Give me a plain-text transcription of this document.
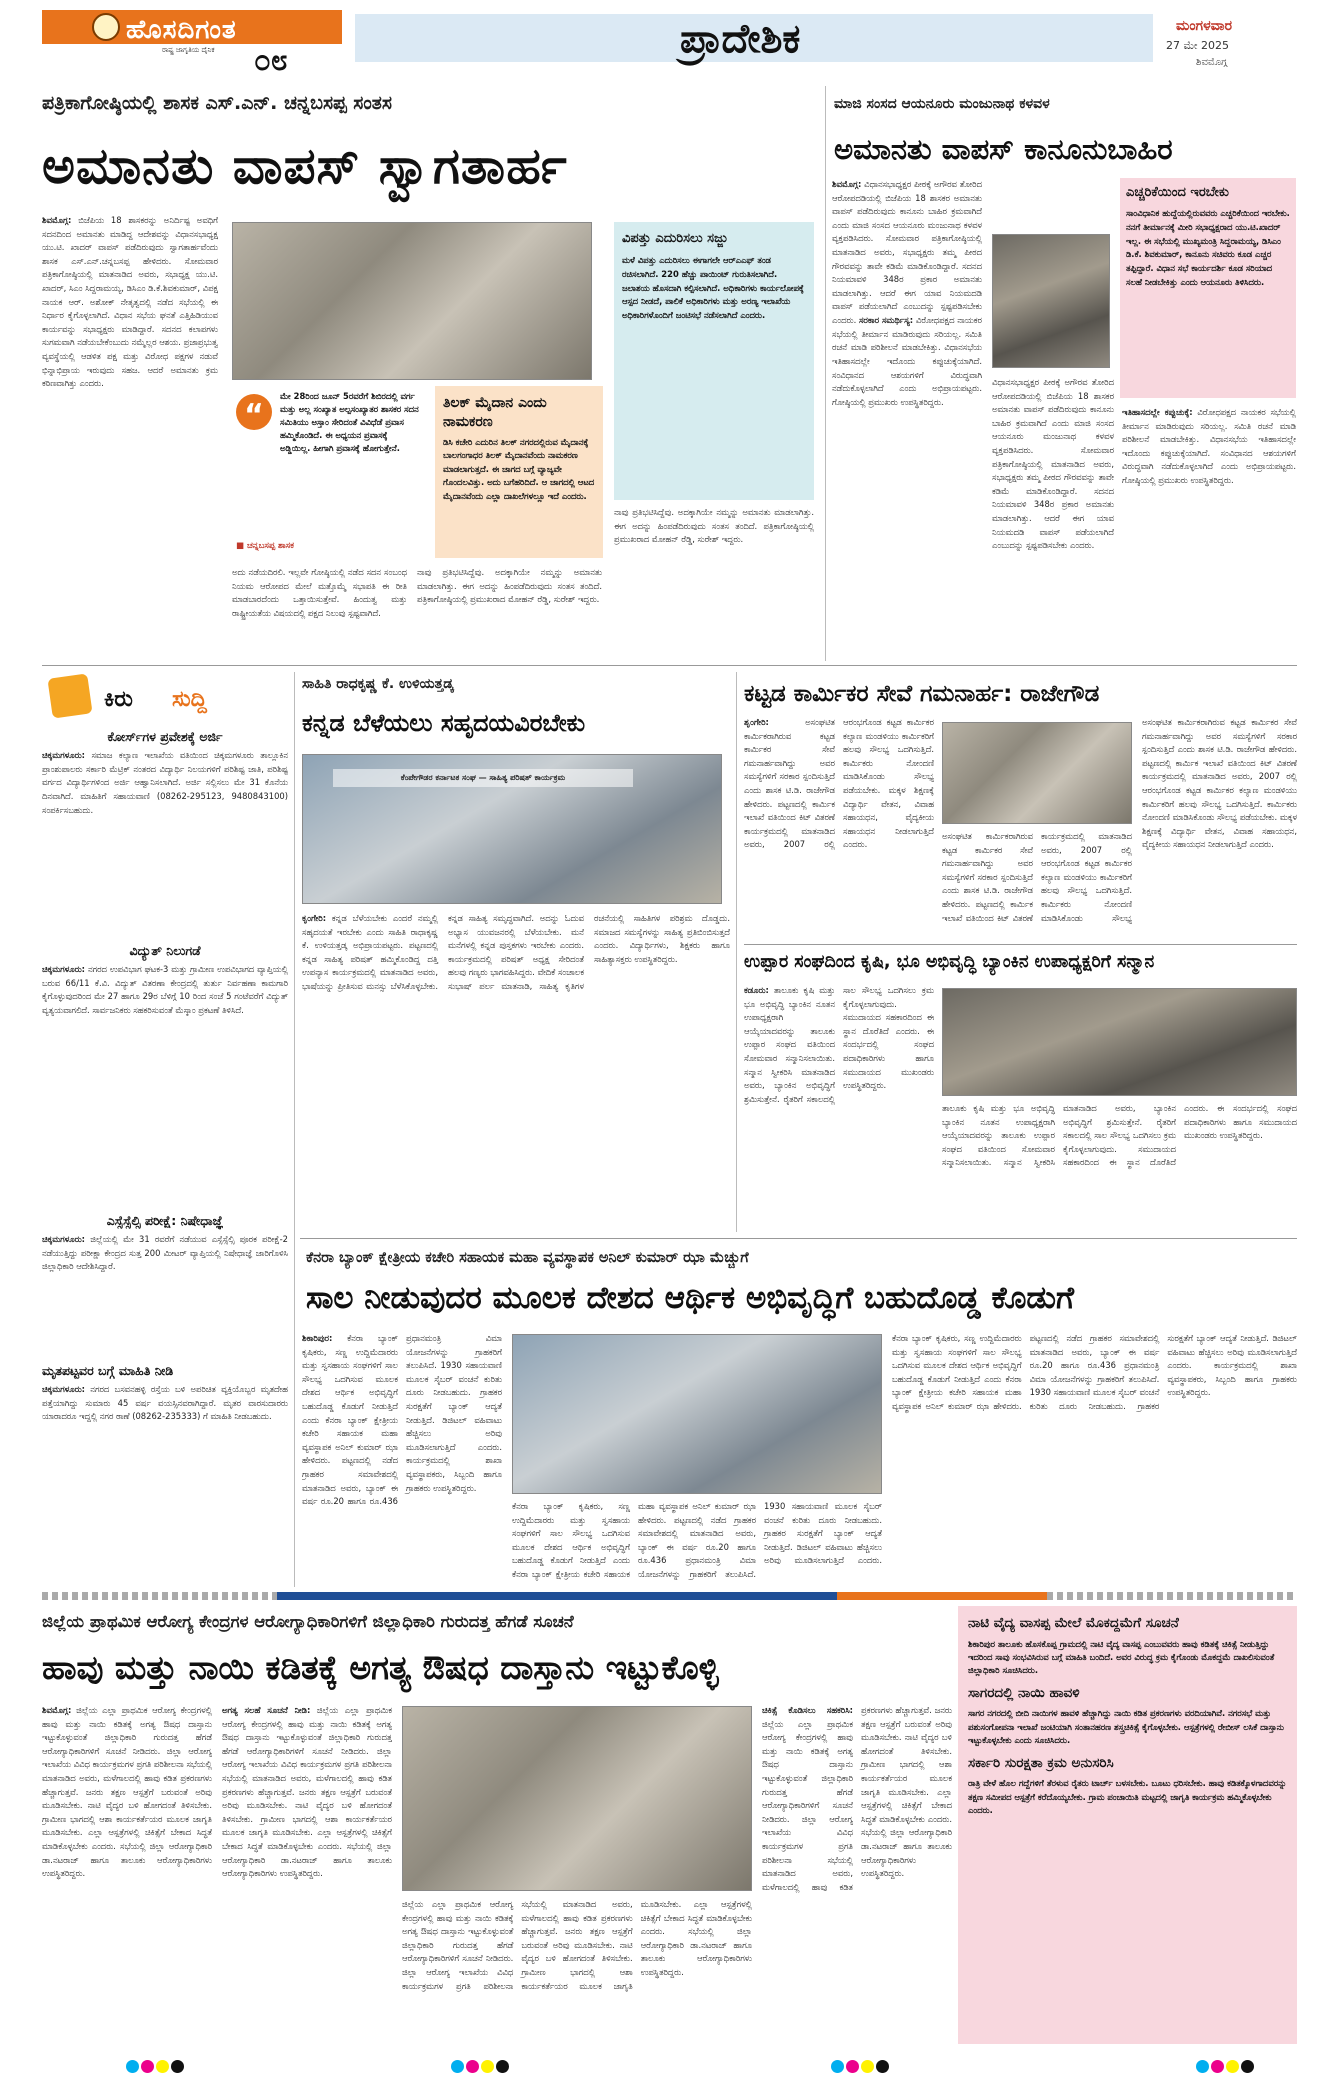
ಹೊಸದಿಗಂತ
ರಾಷ್ಟ್ರ ಜಾಗೃತಿಯ ದೈನಿಕ ೦೮	ಪ್ರಾದೇಶಿಕ	ಮಂಗಳವಾರ
27 ಮೇ 2025
ಶಿವಮೊಗ್ಗ
ಪತ್ರಿಕಾಗೋಷ್ಠಿಯಲ್ಲಿ ಶಾಸಕ ಎಸ್.ಎನ್. ಚನ್ನಬಸಪ್ಪ ಸಂತಸ
ಅಮಾನತು ವಾಪಸ್ ಸ್ವಾಗತಾರ್ಹ
ಶಿವಮೊಗ್ಗ: ಬಿಜೆಪಿಯ 18 ಶಾಸಕರನ್ನು ಅನಿರ್ದಿಷ್ಟ ಅವಧಿಗೆ ಸದನದಿಂದ ಅಮಾನತು ಮಾಡಿದ್ದ ಆದೇಶವನ್ನು ವಿಧಾನಸಭಾಧ್ಯಕ್ಷ ಯು.ಟಿ. ಖಾದರ್ ವಾಪಸ್ ಪಡೆದಿರುವುದು ಸ್ವಾಗತಾರ್ಹವೆಂದು ಶಾಸಕ ಎಸ್.ಎನ್.ಚನ್ನಬಸಪ್ಪ ಹೇಳಿದರು. ಸೋಮವಾರ ಪತ್ರಿಕಾಗೋಷ್ಠಿಯಲ್ಲಿ ಮಾತನಾಡಿದ ಅವರು, ಸಭಾಧ್ಯಕ್ಷ ಯು.ಟಿ. ಖಾದರ್, ಸಿಎಂ ಸಿದ್ದರಾಮಯ್ಯ, ಡಿಸಿಎಂ ಡಿ.ಕೆ.ಶಿವಕುಮಾರ್, ವಿಪಕ್ಷ ನಾಯಕ ಆರ್. ಅಶೋಕ್ ನೇತೃತ್ವದಲ್ಲಿ ನಡೆದ ಸಭೆಯಲ್ಲಿ ಈ ನಿರ್ಧಾರ ಕೈಗೊಳ್ಳಲಾಗಿದೆ. ವಿಧಾನ ಸಭೆಯ ಘನತೆ ಎತ್ತಿಹಿಡಿಯುವ ಕಾರ್ಯವನ್ನು ಸಭಾಧ್ಯಕ್ಷರು ಮಾಡಿದ್ದಾರೆ. ಸದನದ ಕಲಾಪಗಳು ಸುಗಮವಾಗಿ ನಡೆಯಬೇಕೆಂಬುದು ನಮ್ಮೆಲ್ಲರ ಆಶಯ. ಪ್ರಜಾಪ್ರಭುತ್ವ ವ್ಯವಸ್ಥೆಯಲ್ಲಿ ಆಡಳಿತ ಪಕ್ಷ ಮತ್ತು ವಿರೋಧ ಪಕ್ಷಗಳ ನಡುವೆ ಭಿನ್ನಾಭಿಪ್ರಾಯ ಇರುವುದು ಸಹಜ. ಆದರೆ ಅಮಾನತು ಕ್ರಮ ಕಠಿಣವಾಗಿತ್ತು ಎಂದರು.
“
ಮೇ 28ರಿಂದ ಜೂನ್ 5ರವರೆಗೆ ಶಿಬಿರದಲ್ಲಿ ವರ್ಗ ಮತ್ತು ಅಲ್ಲ ಸಂಖ್ಯಾತ ಅಲ್ಪಸಂಖ್ಯಾತರ ಶಾಸಕರ ಸದನ ಸಮಿತಿಯು ಅಸ್ತಾಂ ಸೇರಿದಂತೆ ವಿವಿಧೆಡೆ ಪ್ರವಾಸ ಹಮ್ಮಿಕೊಂಡಿದೆ. ಈ ಅಧ್ಯಯನ ಪ್ರವಾಸಕ್ಕೆ ಅಡ್ಡಿಯಿಲ್ಲ. ಹೀಗಾಗಿ ಪ್ರವಾಸಕ್ಕೆ ಹೋಗುತ್ತೇನೆ.
■ ಚನ್ನಬಸಪ್ಪ ಶಾಸಕ
ತಿಲಕ್ ಮೈದಾನ ಎಂದು ನಾಮಕರಣ
ಡಿಸಿ ಕಚೇರಿ ಎದುರಿನ ತಿಲಕ್ ನಗರದಲ್ಲಿರುವ ಮೈದಾನಕ್ಕೆ ಬಾಲಗಂಗಾಧರ ತಿಲಕ್ ಮೈದಾನವೆಂದು ನಾಮಕರಣ ಮಾಡಲಾಗುತ್ತದೆ. ಈ ಜಾಗದ ಬಗ್ಗೆ ವ್ಯಾಜ್ಯವೇ ಗೊಂದಲವಿತ್ತು. ಅದು ಬಗೆಹರಿದಿದೆ. ಆ ಜಾಗದಲ್ಲಿ ಆಟದ ಮೈದಾನವೆಂದು ಎಲ್ಲಾ ದಾಖಲೆಗಳಲ್ಲೂ ಇದೆ ಎಂದರು.
ಅದು ನಡೆಯದಿರಲಿ. ಇಲ್ಲವೇ ಗೋಷ್ಠಿಯಲ್ಲಿ ನಡೆದ ಸದನ ಸಂಬಂಧ ನಿಯಮ ಆರೋಪದ ಮೇಲೆ ಮತ್ತೊಮ್ಮೆ ಸಭಾಪತಿ ಈ ರೀತಿ ಮಾಡಬಾರದೆಂದು ಒತ್ತಾಯಿಸುತ್ತೇವೆ. ಹಿಂದುತ್ವ ಮತ್ತು ರಾಷ್ಟ್ರೀಯತೆಯ ವಿಷಯದಲ್ಲಿ ಪಕ್ಷದ ನಿಲುವು ಸ್ಪಷ್ಟವಾಗಿದೆ.
ನಾವು ಪ್ರತಿಭಟಿಸಿದ್ದೆವು. ಅದಕ್ಕಾಗಿಯೇ ನಮ್ಮನ್ನು ಅಮಾನತು ಮಾಡಲಾಗಿತ್ತು. ಈಗ ಅದನ್ನು ಹಿಂಪಡೆದಿರುವುದು ಸಂತಸ ತಂದಿದೆ. ಪತ್ರಿಕಾಗೋಷ್ಠಿಯಲ್ಲಿ ಪ್ರಮುಖರಾದ ಮೋಹನ್ ರೆಡ್ಡಿ, ಸುರೇಶ್ ಇದ್ದರು.
ವಿಪತ್ತು ಎದುರಿಸಲು ಸಜ್ಜು
ಮಳೆ ವಿಪತ್ತು ಎದುರಿಸಲು ಈಗಾಗಲೇ ಆರ್‌ಎಎಫ್ ತಂಡ ರಚಿಸಲಾಗಿದೆ. 220 ಹೆಚ್ಚು ಪಾಯಿಂಟ್ ಗುರುತಿಸಲಾಗಿದೆ. ಜಲಾಶಯ ಹೊಸದಾಗಿ ಕಲ್ಪಿಸಲಾಗಿದೆ. ಅಧಿಕಾರಿಗಳು ಕಾರ್ಯಲೋಪಕ್ಕೆ ಆಸ್ಪದ ನೀಡದೆ, ಪಾಲಿಕೆ ಅಧಿಕಾರಿಗಳು ಮತ್ತು ಅರಣ್ಯ ಇಲಾಖೆಯ ಅಧಿಕಾರಿಗಳೊಂದಿಗೆ ಜಂಟಿಸಭೆ ನಡೆಸಲಾಗಿದೆ ಎಂದರು.
ನಾವು ಪ್ರತಿಭಟಿಸಿದ್ದೆವು. ಅದಕ್ಕಾಗಿಯೇ ನಮ್ಮನ್ನು ಅಮಾನತು ಮಾಡಲಾಗಿತ್ತು. ಈಗ ಅದನ್ನು ಹಿಂಪಡೆದಿರುವುದು ಸಂತಸ ತಂದಿದೆ. ಪತ್ರಿಕಾಗೋಷ್ಠಿಯಲ್ಲಿ ಪ್ರಮುಖರಾದ ಮೋಹನ್ ರೆಡ್ಡಿ, ಸುರೇಶ್ ಇದ್ದರು.
ಮಾಜಿ ಸಂಸದ ಆಯನೂರು ಮಂಜುನಾಥ ಕಳವಳ
ಅಮಾನತು ವಾಪಸ್ ಕಾನೂನುಬಾಹಿರ
ಶಿವಮೊಗ್ಗ: ವಿಧಾನಸಭಾಧ್ಯಕ್ಷರ ಪೀಠಕ್ಕೆ ಅಗೌರವ ತೋರಿದ ಆರೋಪದಡಿಯಲ್ಲಿ ಬಿಜೆಪಿಯ 18 ಶಾಸಕರ ಅಮಾನತು ವಾಪಸ್ ಪಡೆದಿರುವುದು ಕಾನೂನು ಬಾಹಿರ ಕ್ರಮವಾಗಿದೆ ಎಂದು ಮಾಜಿ ಸಂಸದ ಆಯನೂರು ಮಂಜುನಾಥ ಕಳವಳ ವ್ಯಕ್ತಪಡಿಸಿದರು. ಸೋಮವಾರ ಪತ್ರಿಕಾಗೋಷ್ಠಿಯಲ್ಲಿ ಮಾತನಾಡಿದ ಅವರು, ಸಭಾಧ್ಯಕ್ಷರು ತಮ್ಮ ಪೀಠದ ಗೌರವವನ್ನು ತಾವೇ ಕಡಿಮೆ ಮಾಡಿಕೊಂಡಿದ್ದಾರೆ. ಸದನದ ನಿಯಮಾವಳಿ 348ರ ಪ್ರಕಾರ ಅಮಾನತು ಮಾಡಲಾಗಿತ್ತು. ಆದರೆ ಈಗ ಯಾವ ನಿಯಮದಡಿ ವಾಪಸ್ ಪಡೆಯಲಾಗಿದೆ ಎಂಬುದನ್ನು ಸ್ಪಷ್ಟಪಡಿಸಬೇಕು ಎಂದರು. ಸರಕಾರ ಸಮರ್ಥಿಸ್ಯ: ವಿರೋಧಪಕ್ಷದ ನಾಯಕರ ಸಭೆಯಲ್ಲಿ ತೀರ್ಮಾನ ಮಾಡಿರುವುದು ಸರಿಯಲ್ಲ. ಸಮಿತಿ ರಚನೆ ಮಾಡಿ ಪರಿಶೀಲನೆ ಮಾಡಬೇಕಿತ್ತು. ವಿಧಾನಸಭೆಯ ಇತಿಹಾಸದಲ್ಲೇ ಇದೊಂದು ಕಪ್ಪುಚುಕ್ಕೆಯಾಗಿದೆ. ಸಂವಿಧಾನದ ಆಶಯಗಳಿಗೆ ವಿರುದ್ಧವಾಗಿ ನಡೆದುಕೊಳ್ಳಲಾಗಿದೆ ಎಂದು ಅಭಿಪ್ರಾಯಪಟ್ಟರು. ಗೋಷ್ಠಿಯಲ್ಲಿ ಪ್ರಮುಖರು ಉಪಸ್ಥಿತರಿದ್ದರು.
ಎಚ್ಚರಿಕೆಯಿಂದ ಇರಬೇಕು
ಸಾಂವಿಧಾನಿಕ ಹುದ್ದೆಯಲ್ಲಿರುವವರು ಎಚ್ಚರಿಕೆಯಿಂದ ಇರಬೇಕು. ನನಗೆ ತೀರ್ಮಾನಕ್ಕೆ ಮೀರಿ ಸಭಾಧ್ಯಕ್ಷರಾದ ಯು.ಟಿ.ಖಾದರ್ ಇಲ್ಲ. ಈ ಸಭೆಯಲ್ಲಿ ಮುಖ್ಯಮಂತ್ರಿ ಸಿದ್ದರಾಮಯ್ಯ, ಡಿಸಿಎಂ ಡಿ.ಕೆ. ಶಿವಕುಮಾರ್, ಕಾನೂನು ಸಚಿವರು ಕೂಡ ಎಚ್ಚರ ತಪ್ಪಿದ್ದಾರೆ. ವಿಧಾನ ಸಭೆ ಕಾರ್ಯದರ್ಶಿ ಕೂಡ ಸರಿಯಾದ ಸಲಹೆ ನೀಡಬೇಕಿತ್ತು ಎಂದು ಆಯನೂರು ತಿಳಿಸಿದರು.
ವಿಧಾನಸಭಾಧ್ಯಕ್ಷರ ಪೀಠಕ್ಕೆ ಅಗೌರವ ತೋರಿದ ಆರೋಪದಡಿಯಲ್ಲಿ ಬಿಜೆಪಿಯ 18 ಶಾಸಕರ ಅಮಾನತು ವಾಪಸ್ ಪಡೆದಿರುವುದು ಕಾನೂನು ಬಾಹಿರ ಕ್ರಮವಾಗಿದೆ ಎಂದು ಮಾಜಿ ಸಂಸದ ಆಯನೂರು ಮಂಜುನಾಥ ಕಳವಳ ವ್ಯಕ್ತಪಡಿಸಿದರು. ಸೋಮವಾರ ಪತ್ರಿಕಾಗೋಷ್ಠಿಯಲ್ಲಿ ಮಾತನಾಡಿದ ಅವರು, ಸಭಾಧ್ಯಕ್ಷರು ತಮ್ಮ ಪೀಠದ ಗೌರವವನ್ನು ತಾವೇ ಕಡಿಮೆ ಮಾಡಿಕೊಂಡಿದ್ದಾರೆ. ಸದನದ ನಿಯಮಾವಳಿ 348ರ ಪ್ರಕಾರ ಅಮಾನತು ಮಾಡಲಾಗಿತ್ತು. ಆದರೆ ಈಗ ಯಾವ ನಿಯಮದಡಿ ವಾಪಸ್ ಪಡೆಯಲಾಗಿದೆ ಎಂಬುದನ್ನು ಸ್ಪಷ್ಟಪಡಿಸಬೇಕು ಎಂದರು.
ಇತಿಹಾಸದಲ್ಲೇ ಕಪ್ಪುಚುಕ್ಕೆ: ವಿರೋಧಪಕ್ಷದ ನಾಯಕರ ಸಭೆಯಲ್ಲಿ ತೀರ್ಮಾನ ಮಾಡಿರುವುದು ಸರಿಯಲ್ಲ. ಸಮಿತಿ ರಚನೆ ಮಾಡಿ ಪರಿಶೀಲನೆ ಮಾಡಬೇಕಿತ್ತು. ವಿಧಾನಸಭೆಯ ಇತಿಹಾಸದಲ್ಲೇ ಇದೊಂದು ಕಪ್ಪುಚುಕ್ಕೆಯಾಗಿದೆ. ಸಂವಿಧಾನದ ಆಶಯಗಳಿಗೆ ವಿರುದ್ಧವಾಗಿ ನಡೆದುಕೊಳ್ಳಲಾಗಿದೆ ಎಂದು ಅಭಿಪ್ರಾಯಪಟ್ಟರು. ಗೋಷ್ಠಿಯಲ್ಲಿ ಪ್ರಮುಖರು ಉಪಸ್ಥಿತರಿದ್ದರು.
ಕಿರು ಸುದ್ದಿ
ಕೋರ್ಸ್‌ಗಳ ಪ್ರವೇಶಕ್ಕೆ ಅರ್ಜಿ
ಚಿಕ್ಕಮಗಳೂರು: ಸಮಾಜ ಕಲ್ಯಾಣ ಇಲಾಖೆಯ ವತಿಯಿಂದ ಚಿಕ್ಕಮಗಳೂರು ತಾಲ್ಲೂಕಿನ ಪ್ರಾಂಶುಪಾಲರು ಸರ್ಕಾರಿ ಮೆಟ್ರಿಕ್ ನಂತರದ ವಿದ್ಯಾರ್ಥಿ ನಿಲಯಗಳಿಗೆ ಪರಿಶಿಷ್ಟ ಜಾತಿ, ಪರಿಶಿಷ್ಟ ವರ್ಗದ ವಿದ್ಯಾರ್ಥಿಗಳಿಂದ ಅರ್ಜಿ ಆಹ್ವಾನಿಸಲಾಗಿದೆ. ಅರ್ಜಿ ಸಲ್ಲಿಸಲು ಮೇ 31 ಕೊನೆಯ ದಿನವಾಗಿದೆ. ಮಾಹಿತಿಗೆ ಸಹಾಯವಾಣಿ (08262-295123, 9480843100) ಸಂಪರ್ಕಿಸಬಹುದು.
ವಿದ್ಯುತ್ ನಿಲುಗಡೆ
ಚಿಕ್ಕಮಗಳೂರು: ನಗರದ ಉಪವಿಭಾಗ ಘಟಕ-3 ಮತ್ತು ಗ್ರಾಮೀಣ ಉಪವಿಭಾಗದ ವ್ಯಾಪ್ತಿಯಲ್ಲಿ ಬರುವ 66/11 ಕೆ.ವಿ. ವಿದ್ಯುತ್ ವಿತರಣಾ ಕೇಂದ್ರದಲ್ಲಿ ತುರ್ತು ನಿರ್ವಹಣಾ ಕಾಮಗಾರಿ ಕೈಗೊಳ್ಳುವುದರಿಂದ ಮೇ 27 ಹಾಗೂ 29ರ ಬೆಳಿಗ್ಗೆ 10 ರಿಂದ ಸಂಜೆ 5 ಗಂಟೆವರೆಗೆ ವಿದ್ಯುತ್ ವ್ಯತ್ಯಯವಾಗಲಿದೆ. ಸಾರ್ವಜನಿಕರು ಸಹಕರಿಸುವಂತೆ ಮೆಸ್ಕಾಂ ಪ್ರಕಟಣೆ ತಿಳಿಸಿದೆ.
ಎಸ್ಸೆಸ್ಸೆಲ್ಸಿ ಪರೀಕ್ಷೆ: ನಿಷೇಧಾಜ್ಞೆ
ಚಿಕ್ಕಮಗಳೂರು: ಜಿಲ್ಲೆಯಲ್ಲಿ ಮೇ 31 ರವರೆಗೆ ನಡೆಯುವ ಎಸ್ಸೆಸ್ಸೆಲ್ಸಿ ಪೂರಕ ಪರೀಕ್ಷೆ-2 ನಡೆಯುತ್ತಿದ್ದು ಪರೀಕ್ಷಾ ಕೇಂದ್ರದ ಸುತ್ತ 200 ಮೀಟರ್ ವ್ಯಾಪ್ತಿಯಲ್ಲಿ ನಿಷೇಧಾಜ್ಞೆ ಜಾರಿಗೊಳಿಸಿ ಜಿಲ್ಲಾಧಿಕಾರಿ ಆದೇಶಿಸಿದ್ದಾರೆ.
ಮೃತಪಟ್ಟವರ ಬಗ್ಗೆ ಮಾಹಿತಿ ನೀಡಿ
ಚಿಕ್ಕಮಗಳೂರು: ನಗರದ ಬಸವನಹಳ್ಳಿ ರಸ್ತೆಯ ಬಳಿ ಅಪರಿಚಿತ ವ್ಯಕ್ತಿಯೊಬ್ಬರ ಮೃತದೇಹ ಪತ್ತೆಯಾಗಿದ್ದು ಸುಮಾರು 45 ವರ್ಷ ವಯಸ್ಸಿನವರಾಗಿದ್ದಾರೆ. ಮೃತರ ವಾರಸುದಾರರು ಯಾರಾದರೂ ಇದ್ದಲ್ಲಿ ನಗರ ಠಾಣೆ (08262-235333) ಗೆ ಮಾಹಿತಿ ನೀಡಬಹುದು.
ಸಾಹಿತಿ ರಾಧಕೃಷ್ಣ ಕೆ. ಉಳಿಯತ್ತಡ್ಕ
ಕನ್ನಡ ಬೆಳೆಯಲು ಸಹೃದಯವಿರಬೇಕು
ಕೆಂಪೇಗೌಡರ ಕರ್ನಾಟಕ ಸಂಘ — ಸಾಹಿತ್ಯ ಪರಿಷತ್ ಕಾರ್ಯಕ್ರಮ
ಕೃಂಗೇರಿ: ಕನ್ನಡ ಬೆಳೆಯಬೇಕು ಎಂದರೆ ನಮ್ಮಲ್ಲಿ ಸಹೃದಯತೆ ಇರಬೇಕು ಎಂದು ಸಾಹಿತಿ ರಾಧಾಕೃಷ್ಣ ಕೆ. ಉಳಿಯತ್ತಡ್ಕ ಅಭಿಪ್ರಾಯಪಟ್ಟರು. ಪಟ್ಟಣದಲ್ಲಿ ಕನ್ನಡ ಸಾಹಿತ್ಯ ಪರಿಷತ್ ಹಮ್ಮಿಕೊಂಡಿದ್ದ ದತ್ತಿ ಉಪನ್ಯಾಸ ಕಾರ್ಯಕ್ರಮದಲ್ಲಿ ಮಾತನಾಡಿದ ಅವರು, ಭಾಷೆಯನ್ನು ಪ್ರೀತಿಸುವ ಮನಸ್ಸು ಬೆಳೆಸಿಕೊಳ್ಳಬೇಕು. ಕನ್ನಡ ಸಾಹಿತ್ಯ ಸಮೃದ್ಧವಾಗಿದೆ. ಅದನ್ನು ಓದುವ ಅಭ್ಯಾಸ ಯುವಜನರಲ್ಲಿ ಬೆಳೆಯಬೇಕು. ಮನೆ ಮನೆಗಳಲ್ಲಿ ಕನ್ನಡ ಪುಸ್ತಕಗಳು ಇರಬೇಕು ಎಂದರು. ಕಾರ್ಯಕ್ರಮದಲ್ಲಿ ಪರಿಷತ್ ಅಧ್ಯಕ್ಷ ಸೇರಿದಂತೆ ಹಲವು ಗಣ್ಯರು ಭಾಗವಹಿಸಿದ್ದರು. ವೇದಿಕೆ ಸಂಚಾಲಕ ಸುಭಾಷ್ ಪರ್ಲ ಮಾತನಾಡಿ, ಸಾಹಿತ್ಯ ಕೃತಿಗಳ ರಚನೆಯಲ್ಲಿ ಸಾಹಿತಿಗಳ ಪರಿಶ್ರಮ ದೊಡ್ಡದು. ಸಮಾಜದ ಸಮಸ್ಯೆಗಳನ್ನು ಸಾಹಿತ್ಯ ಪ್ರತಿಬಿಂಬಿಸುತ್ತದೆ ಎಂದರು. ವಿದ್ಯಾರ್ಥಿಗಳು, ಶಿಕ್ಷಕರು ಹಾಗೂ ಸಾಹಿತ್ಯಾಸಕ್ತರು ಉಪಸ್ಥಿತರಿದ್ದರು.
ಕಟ್ಟಡ ಕಾರ್ಮಿಕರ ಸೇವೆ ಗಮನಾರ್ಹ: ರಾಜೇಗೌಡ
ಶೃಂಗೇರಿ:	ಅಸಂಘಟಿತ ಕಾರ್ಮಿಕರಾಗಿರುವ ಕಟ್ಟಡ ಕಾರ್ಮಿಕರ ಸೇವೆ ಗಮನಾರ್ಹವಾಗಿದ್ದು ಅವರ ಸಮಸ್ಯೆಗಳಿಗೆ ಸರಕಾರ ಸ್ಪಂದಿಸುತ್ತಿದೆ ಎಂದು ಶಾಸಕ ಟಿ.ಡಿ. ರಾಜೇಗೌಡ ಹೇಳಿದರು. ಪಟ್ಟಣದಲ್ಲಿ ಕಾರ್ಮಿಕ ಇಲಾಖೆ ವತಿಯಿಂದ ಕಿಟ್ ವಿತರಣೆ ಕಾರ್ಯಕ್ರಮದಲ್ಲಿ ಮಾತನಾಡಿದ ಅವರು, 2007 ರಲ್ಲಿ ಆರಂಭಗೊಂಡ ಕಟ್ಟಡ ಕಾರ್ಮಿಕರ ಕಲ್ಯಾಣ ಮಂಡಳಿಯು ಕಾರ್ಮಿಕರಿಗೆ ಹಲವು ಸೌಲಭ್ಯ ಒದಗಿಸುತ್ತಿದೆ. ಕಾರ್ಮಿಕರು ನೋಂದಣಿ ಮಾಡಿಸಿಕೊಂಡು ಸೌಲಭ್ಯ ಪಡೆಯಬೇಕು. ಮಕ್ಕಳ ಶಿಕ್ಷಣಕ್ಕೆ ವಿದ್ಯಾರ್ಥಿ ವೇತನ, ವಿವಾಹ ಸಹಾಯಧನ, ವೈದ್ಯಕೀಯ ಸಹಾಯಧನ ನೀಡಲಾಗುತ್ತಿದೆ ಎಂದರು.
ಅಸಂಘಟಿತ ಕಾರ್ಮಿಕರಾಗಿರುವ ಕಟ್ಟಡ ಕಾರ್ಮಿಕರ ಸೇವೆ ಗಮನಾರ್ಹವಾಗಿದ್ದು ಅವರ ಸಮಸ್ಯೆಗಳಿಗೆ ಸರಕಾರ ಸ್ಪಂದಿಸುತ್ತಿದೆ ಎಂದು ಶಾಸಕ ಟಿ.ಡಿ. ರಾಜೇಗೌಡ ಹೇಳಿದರು. ಪಟ್ಟಣದಲ್ಲಿ ಕಾರ್ಮಿಕ ಇಲಾಖೆ ವತಿಯಿಂದ ಕಿಟ್ ವಿತರಣೆ ಕಾರ್ಯಕ್ರಮದಲ್ಲಿ ಮಾತನಾಡಿದ ಅವರು, 2007 ರಲ್ಲಿ ಆರಂಭಗೊಂಡ ಕಟ್ಟಡ ಕಾರ್ಮಿಕರ ಕಲ್ಯಾಣ ಮಂಡಳಿಯು ಕಾರ್ಮಿಕರಿಗೆ ಹಲವು ಸೌಲಭ್ಯ ಒದಗಿಸುತ್ತಿದೆ. ಕಾರ್ಮಿಕರು ನೋಂದಣಿ ಮಾಡಿಸಿಕೊಂಡು ಸೌಲಭ್ಯ
ಅಸಂಘಟಿತ ಕಾರ್ಮಿಕರಾಗಿರುವ ಕಟ್ಟಡ ಕಾರ್ಮಿಕರ ಸೇವೆ ಗಮನಾರ್ಹವಾಗಿದ್ದು ಅವರ ಸಮಸ್ಯೆಗಳಿಗೆ ಸರಕಾರ ಸ್ಪಂದಿಸುತ್ತಿದೆ ಎಂದು ಶಾಸಕ ಟಿ.ಡಿ. ರಾಜೇಗೌಡ ಹೇಳಿದರು. ಪಟ್ಟಣದಲ್ಲಿ ಕಾರ್ಮಿಕ ಇಲಾಖೆ ವತಿಯಿಂದ ಕಿಟ್ ವಿತರಣೆ ಕಾರ್ಯಕ್ರಮದಲ್ಲಿ ಮಾತನಾಡಿದ ಅವರು, 2007 ರಲ್ಲಿ ಆರಂಭಗೊಂಡ ಕಟ್ಟಡ ಕಾರ್ಮಿಕರ ಕಲ್ಯಾಣ ಮಂಡಳಿಯು ಕಾರ್ಮಿಕರಿಗೆ ಹಲವು ಸೌಲಭ್ಯ ಒದಗಿಸುತ್ತಿದೆ. ಕಾರ್ಮಿಕರು ನೋಂದಣಿ ಮಾಡಿಸಿಕೊಂಡು ಸೌಲಭ್ಯ ಪಡೆಯಬೇಕು. ಮಕ್ಕಳ ಶಿಕ್ಷಣಕ್ಕೆ ವಿದ್ಯಾರ್ಥಿ ವೇತನ, ವಿವಾಹ ಸಹಾಯಧನ, ವೈದ್ಯಕೀಯ ಸಹಾಯಧನ ನೀಡಲಾಗುತ್ತಿದೆ ಎಂದರು.
ಉಪ್ಪಾರ ಸಂಘದಿಂದ ಕೃಷಿ, ಭೂ ಅಭಿವೃದ್ಧಿ ಬ್ಯಾಂಕಿನ ಉಪಾಧ್ಯಕ್ಷರಿಗೆ ಸನ್ಮಾನ
ಕಡೂರು: ತಾಲೂಕು ಕೃಷಿ ಮತ್ತು ಭೂ ಅಭಿವೃದ್ಧಿ ಬ್ಯಾಂಕಿನ ನೂತನ ಉಪಾಧ್ಯಕ್ಷರಾಗಿ ಆಯ್ಕೆಯಾದವರನ್ನು ತಾಲೂಕು ಉಪ್ಪಾರ ಸಂಘದ ವತಿಯಿಂದ ಸೋಮವಾರ ಸನ್ಮಾನಿಸಲಾಯಿತು. ಸನ್ಮಾನ ಸ್ವೀಕರಿಸಿ ಮಾತನಾಡಿದ ಅವರು, ಬ್ಯಾಂಕಿನ ಅಭಿವೃದ್ಧಿಗೆ ಶ್ರಮಿಸುತ್ತೇನೆ. ರೈತರಿಗೆ ಸಕಾಲದಲ್ಲಿ ಸಾಲ ಸೌಲಭ್ಯ ಒದಗಿಸಲು ಕ್ರಮ ಕೈಗೊಳ್ಳಲಾಗುವುದು. ಸಮುದಾಯದ ಸಹಕಾರದಿಂದ ಈ ಸ್ಥಾನ ದೊರೆತಿದೆ ಎಂದರು. ಈ ಸಂದರ್ಭದಲ್ಲಿ ಸಂಘದ ಪದಾಧಿಕಾರಿಗಳು ಹಾಗೂ ಸಮುದಾಯದ ಮುಖಂಡರು ಉಪಸ್ಥಿತರಿದ್ದರು.
ತಾಲೂಕು ಕೃಷಿ ಮತ್ತು ಭೂ ಅಭಿವೃದ್ಧಿ ಬ್ಯಾಂಕಿನ ನೂತನ ಉಪಾಧ್ಯಕ್ಷರಾಗಿ ಆಯ್ಕೆಯಾದವರನ್ನು ತಾಲೂಕು ಉಪ್ಪಾರ ಸಂಘದ ವತಿಯಿಂದ ಸೋಮವಾರ ಸನ್ಮಾನಿಸಲಾಯಿತು. ಸನ್ಮಾನ ಸ್ವೀಕರಿಸಿ ಮಾತನಾಡಿದ ಅವರು, ಬ್ಯಾಂಕಿನ ಅಭಿವೃದ್ಧಿಗೆ ಶ್ರಮಿಸುತ್ತೇನೆ. ರೈತರಿಗೆ ಸಕಾಲದಲ್ಲಿ ಸಾಲ ಸೌಲಭ್ಯ ಒದಗಿಸಲು ಕ್ರಮ ಕೈಗೊಳ್ಳಲಾಗುವುದು. ಸಮುದಾಯದ ಸಹಕಾರದಿಂದ ಈ ಸ್ಥಾನ ದೊರೆತಿದೆ ಎಂದರು. ಈ ಸಂದರ್ಭದಲ್ಲಿ ಸಂಘದ ಪದಾಧಿಕಾರಿಗಳು ಹಾಗೂ ಸಮುದಾಯದ ಮುಖಂಡರು ಉಪಸ್ಥಿತರಿದ್ದರು.
ಕೆನರಾ ಬ್ಯಾಂಕ್ ಕ್ಷೇತ್ರೀಯ ಕಚೇರಿ ಸಹಾಯಕ ಮಹಾ ವ್ಯವಸ್ಥಾಪಕ ಅನಿಲ್ ಕುಮಾರ್ ಝಾ ಮೆಚ್ಚುಗೆ
ಸಾಲ ನೀಡುವುದರ ಮೂಲಕ ದೇಶದ ಆರ್ಥಿಕ ಅಭಿವೃದ್ಧಿಗೆ ಬಹುದೊಡ್ಡ ಕೊಡುಗೆ
ಶಿಕಾರಿಪುರ: ಕೆನರಾ ಬ್ಯಾಂಕ್ ಕೃಷಿಕರು, ಸಣ್ಣ ಉದ್ದಿಮೆದಾರರು ಮತ್ತು ಸ್ವಸಹಾಯ ಸಂಘಗಳಿಗೆ ಸಾಲ ಸೌಲಭ್ಯ ಒದಗಿಸುವ ಮೂಲಕ ದೇಶದ ಆರ್ಥಿಕ ಅಭಿವೃದ್ಧಿಗೆ ಬಹುದೊಡ್ಡ ಕೊಡುಗೆ ನೀಡುತ್ತಿದೆ ಎಂದು ಕೆನರಾ ಬ್ಯಾಂಕ್ ಕ್ಷೇತ್ರೀಯ ಕಚೇರಿ ಸಹಾಯಕ ಮಹಾ ವ್ಯವಸ್ಥಾಪಕ ಅನಿಲ್ ಕುಮಾರ್ ಝಾ ಹೇಳಿದರು. ಪಟ್ಟಣದಲ್ಲಿ ನಡೆದ ಗ್ರಾಹಕರ ಸಮಾವೇಶದಲ್ಲಿ ಮಾತನಾಡಿದ ಅವರು, ಬ್ಯಾಂಕ್ ಈ ವರ್ಷ ರೂ.20 ಹಾಗೂ ರೂ.436 ಪ್ರಧಾನಮಂತ್ರಿ ವಿಮಾ ಯೋಜನೆಗಳನ್ನು ಗ್ರಾಹಕರಿಗೆ ತಲುಪಿಸಿದೆ. 1930 ಸಹಾಯವಾಣಿ ಮೂಲಕ ಸೈಬರ್ ವಂಚನೆ ಕುರಿತು ದೂರು ನೀಡಬಹುದು. ಗ್ರಾಹಕರ ಸುರಕ್ಷತೆಗೆ ಬ್ಯಾಂಕ್ ಆದ್ಯತೆ ನೀಡುತ್ತಿದೆ. ಡಿಜಿಟಲ್ ವಹಿವಾಟು ಹೆಚ್ಚಿಸಲು ಅರಿವು ಮೂಡಿಸಲಾಗುತ್ತಿದೆ ಎಂದರು. ಕಾರ್ಯಕ್ರಮದಲ್ಲಿ ಶಾಖಾ ವ್ಯವಸ್ಥಾಪಕರು, ಸಿಬ್ಬಂದಿ ಹಾಗೂ ಗ್ರಾಹಕರು ಉಪಸ್ಥಿತರಿದ್ದರು.
ಕೆನರಾ ಬ್ಯಾಂಕ್ ಕೃಷಿಕರು, ಸಣ್ಣ ಉದ್ದಿಮೆದಾರರು ಮತ್ತು ಸ್ವಸಹಾಯ ಸಂಘಗಳಿಗೆ ಸಾಲ ಸೌಲಭ್ಯ ಒದಗಿಸುವ ಮೂಲಕ ದೇಶದ ಆರ್ಥಿಕ ಅಭಿವೃದ್ಧಿಗೆ ಬಹುದೊಡ್ಡ ಕೊಡುಗೆ ನೀಡುತ್ತಿದೆ ಎಂದು ಕೆನರಾ ಬ್ಯಾಂಕ್ ಕ್ಷೇತ್ರೀಯ ಕಚೇರಿ ಸಹಾಯಕ ಮಹಾ ವ್ಯವಸ್ಥಾಪಕ ಅನಿಲ್ ಕುಮಾರ್ ಝಾ ಹೇಳಿದರು. ಪಟ್ಟಣದಲ್ಲಿ ನಡೆದ ಗ್ರಾಹಕರ ಸಮಾವೇಶದಲ್ಲಿ ಮಾತನಾಡಿದ ಅವರು, ಬ್ಯಾಂಕ್ ಈ ವರ್ಷ ರೂ.20 ಹಾಗೂ ರೂ.436 ಪ್ರಧಾನಮಂತ್ರಿ ವಿಮಾ ಯೋಜನೆಗಳನ್ನು ಗ್ರಾಹಕರಿಗೆ ತಲುಪಿಸಿದೆ. 1930 ಸಹಾಯವಾಣಿ ಮೂಲಕ ಸೈಬರ್ ವಂಚನೆ ಕುರಿತು ದೂರು ನೀಡಬಹುದು. ಗ್ರಾಹಕರ ಸುರಕ್ಷತೆಗೆ ಬ್ಯಾಂಕ್ ಆದ್ಯತೆ ನೀಡುತ್ತಿದೆ. ಡಿಜಿಟಲ್ ವಹಿವಾಟು ಹೆಚ್ಚಿಸಲು ಅರಿವು ಮೂಡಿಸಲಾಗುತ್ತಿದೆ ಎಂದರು.
ಕೆನರಾ ಬ್ಯಾಂಕ್ ಕೃಷಿಕರು, ಸಣ್ಣ ಉದ್ದಿಮೆದಾರರು ಮತ್ತು ಸ್ವಸಹಾಯ ಸಂಘಗಳಿಗೆ ಸಾಲ ಸೌಲಭ್ಯ ಒದಗಿಸುವ ಮೂಲಕ ದೇಶದ ಆರ್ಥಿಕ ಅಭಿವೃದ್ಧಿಗೆ ಬಹುದೊಡ್ಡ ಕೊಡುಗೆ ನೀಡುತ್ತಿದೆ ಎಂದು ಕೆನರಾ ಬ್ಯಾಂಕ್ ಕ್ಷೇತ್ರೀಯ ಕಚೇರಿ ಸಹಾಯಕ ಮಹಾ ವ್ಯವಸ್ಥಾಪಕ ಅನಿಲ್ ಕುಮಾರ್ ಝಾ ಹೇಳಿದರು. ಪಟ್ಟಣದಲ್ಲಿ ನಡೆದ ಗ್ರಾಹಕರ ಸಮಾವೇಶದಲ್ಲಿ ಮಾತನಾಡಿದ ಅವರು, ಬ್ಯಾಂಕ್ ಈ ವರ್ಷ ರೂ.20 ಹಾಗೂ ರೂ.436 ಪ್ರಧಾನಮಂತ್ರಿ ವಿಮಾ ಯೋಜನೆಗಳನ್ನು ಗ್ರಾಹಕರಿಗೆ ತಲುಪಿಸಿದೆ. 1930 ಸಹಾಯವಾಣಿ ಮೂಲಕ ಸೈಬರ್ ವಂಚನೆ ಕುರಿತು ದೂರು ನೀಡಬಹುದು. ಗ್ರಾಹಕರ ಸುರಕ್ಷತೆಗೆ ಬ್ಯಾಂಕ್ ಆದ್ಯತೆ ನೀಡುತ್ತಿದೆ. ಡಿಜಿಟಲ್ ವಹಿವಾಟು ಹೆಚ್ಚಿಸಲು ಅರಿವು ಮೂಡಿಸಲಾಗುತ್ತಿದೆ ಎಂದರು. ಕಾರ್ಯಕ್ರಮದಲ್ಲಿ ಶಾಖಾ ವ್ಯವಸ್ಥಾಪಕರು, ಸಿಬ್ಬಂದಿ ಹಾಗೂ ಗ್ರಾಹಕರು ಉಪಸ್ಥಿತರಿದ್ದರು.
ಜಿಲ್ಲೆಯ ಪ್ರಾಥಮಿಕ ಆರೋಗ್ಯ ಕೇಂದ್ರಗಳ ಆರೋಗ್ಯಾಧಿಕಾರಿಗಳಿಗೆ ಜಿಲ್ಲಾಧಿಕಾರಿ ಗುರುದತ್ತ ಹೆಗಡೆ ಸೂಚನೆ
ಹಾವು ಮತ್ತು ನಾಯಿ ಕಡಿತಕ್ಕೆ ಅಗತ್ಯ ಔಷಧ ದಾಸ್ತಾನು ಇಟ್ಟುಕೊಳ್ಳಿ
ಶಿವಮೊಗ್ಗ: ಜಿಲ್ಲೆಯ ಎಲ್ಲಾ ಪ್ರಾಥಮಿಕ ಆರೋಗ್ಯ ಕೇಂದ್ರಗಳಲ್ಲಿ ಹಾವು ಮತ್ತು ನಾಯಿ ಕಡಿತಕ್ಕೆ ಅಗತ್ಯ ಔಷಧ ದಾಸ್ತಾನು ಇಟ್ಟುಕೊಳ್ಳುವಂತೆ ಜಿಲ್ಲಾಧಿಕಾರಿ ಗುರುದತ್ತ ಹೆಗಡೆ ಆರೋಗ್ಯಾಧಿಕಾರಿಗಳಿಗೆ ಸೂಚನೆ ನೀಡಿದರು. ಜಿಲ್ಲಾ ಆರೋಗ್ಯ ಇಲಾಖೆಯ ವಿವಿಧ ಕಾರ್ಯಕ್ರಮಗಳ ಪ್ರಗತಿ ಪರಿಶೀಲನಾ ಸಭೆಯಲ್ಲಿ ಮಾತನಾಡಿದ ಅವರು, ಮಳೆಗಾಲದಲ್ಲಿ ಹಾವು ಕಡಿತ ಪ್ರಕರಣಗಳು ಹೆಚ್ಚಾಗುತ್ತವೆ. ಜನರು ತಕ್ಷಣ ಆಸ್ಪತ್ರೆಗೆ ಬರುವಂತೆ ಅರಿವು ಮೂಡಿಸಬೇಕು. ನಾಟಿ ವೈದ್ಯರ ಬಳಿ ಹೋಗದಂತೆ ತಿಳಿಸಬೇಕು. ಗ್ರಾಮೀಣ ಭಾಗದಲ್ಲಿ ಆಶಾ ಕಾರ್ಯಕರ್ತೆಯರ ಮೂಲಕ ಜಾಗೃತಿ ಮೂಡಿಸಬೇಕು. ಎಲ್ಲಾ ಆಸ್ಪತ್ರೆಗಳಲ್ಲಿ ಚಿಕಿತ್ಸೆಗೆ ಬೇಕಾದ ಸಿದ್ಧತೆ ಮಾಡಿಕೊಳ್ಳಬೇಕು ಎಂದರು. ಸಭೆಯಲ್ಲಿ ಜಿಲ್ಲಾ ಆರೋಗ್ಯಾಧಿಕಾರಿ ಡಾ.ನಟರಾಜ್ ಹಾಗೂ ತಾಲೂಕು ಆರೋಗ್ಯಾಧಿಕಾರಿಗಳು ಉಪಸ್ಥಿತರಿದ್ದರು.
ಅಗತ್ಯ ಸಲಹೆ ಸೂಚನೆ ನೀಡಿ: ಜಿಲ್ಲೆಯ ಎಲ್ಲಾ ಪ್ರಾಥಮಿಕ ಆರೋಗ್ಯ ಕೇಂದ್ರಗಳಲ್ಲಿ ಹಾವು ಮತ್ತು ನಾಯಿ ಕಡಿತಕ್ಕೆ ಅಗತ್ಯ ಔಷಧ ದಾಸ್ತಾನು ಇಟ್ಟುಕೊಳ್ಳುವಂತೆ ಜಿಲ್ಲಾಧಿಕಾರಿ ಗುರುದತ್ತ ಹೆಗಡೆ ಆರೋಗ್ಯಾಧಿಕಾರಿಗಳಿಗೆ ಸೂಚನೆ ನೀಡಿದರು. ಜಿಲ್ಲಾ ಆರೋಗ್ಯ ಇಲಾಖೆಯ ವಿವಿಧ ಕಾರ್ಯಕ್ರಮಗಳ ಪ್ರಗತಿ ಪರಿಶೀಲನಾ ಸಭೆಯಲ್ಲಿ ಮಾತನಾಡಿದ ಅವರು, ಮಳೆಗಾಲದಲ್ಲಿ ಹಾವು ಕಡಿತ ಪ್ರಕರಣಗಳು ಹೆಚ್ಚಾಗುತ್ತವೆ. ಜನರು ತಕ್ಷಣ ಆಸ್ಪತ್ರೆಗೆ ಬರುವಂತೆ ಅರಿವು ಮೂಡಿಸಬೇಕು. ನಾಟಿ ವೈದ್ಯರ ಬಳಿ ಹೋಗದಂತೆ ತಿಳಿಸಬೇಕು. ಗ್ರಾಮೀಣ ಭಾಗದಲ್ಲಿ ಆಶಾ ಕಾರ್ಯಕರ್ತೆಯರ ಮೂಲಕ ಜಾಗೃತಿ ಮೂಡಿಸಬೇಕು. ಎಲ್ಲಾ ಆಸ್ಪತ್ರೆಗಳಲ್ಲಿ ಚಿಕಿತ್ಸೆಗೆ ಬೇಕಾದ ಸಿದ್ಧತೆ ಮಾಡಿಕೊಳ್ಳಬೇಕು ಎಂದರು. ಸಭೆಯಲ್ಲಿ ಜಿಲ್ಲಾ ಆರೋಗ್ಯಾಧಿಕಾರಿ ಡಾ.ನಟರಾಜ್ ಹಾಗೂ ತಾಲೂಕು ಆರೋಗ್ಯಾಧಿಕಾರಿಗಳು ಉಪಸ್ಥಿತರಿದ್ದರು.
ಜಿಲ್ಲೆಯ ಎಲ್ಲಾ ಪ್ರಾಥಮಿಕ ಆರೋಗ್ಯ ಕೇಂದ್ರಗಳಲ್ಲಿ ಹಾವು ಮತ್ತು ನಾಯಿ ಕಡಿತಕ್ಕೆ ಅಗತ್ಯ ಔಷಧ ದಾಸ್ತಾನು ಇಟ್ಟುಕೊಳ್ಳುವಂತೆ ಜಿಲ್ಲಾಧಿಕಾರಿ ಗುರುದತ್ತ ಹೆಗಡೆ ಆರೋಗ್ಯಾಧಿಕಾರಿಗಳಿಗೆ ಸೂಚನೆ ನೀಡಿದರು. ಜಿಲ್ಲಾ ಆರೋಗ್ಯ ಇಲಾಖೆಯ ವಿವಿಧ ಕಾರ್ಯಕ್ರಮಗಳ ಪ್ರಗತಿ ಪರಿಶೀಲನಾ ಸಭೆಯಲ್ಲಿ ಮಾತನಾಡಿದ ಅವರು, ಮಳೆಗಾಲದಲ್ಲಿ ಹಾವು ಕಡಿತ ಪ್ರಕರಣಗಳು ಹೆಚ್ಚಾಗುತ್ತವೆ. ಜನರು ತಕ್ಷಣ ಆಸ್ಪತ್ರೆಗೆ ಬರುವಂತೆ ಅರಿವು ಮೂಡಿಸಬೇಕು. ನಾಟಿ ವೈದ್ಯರ ಬಳಿ ಹೋಗದಂತೆ ತಿಳಿಸಬೇಕು. ಗ್ರಾಮೀಣ ಭಾಗದಲ್ಲಿ ಆಶಾ ಕಾರ್ಯಕರ್ತೆಯರ ಮೂಲಕ ಜಾಗೃತಿ ಮೂಡಿಸಬೇಕು. ಎಲ್ಲಾ ಆಸ್ಪತ್ರೆಗಳಲ್ಲಿ ಚಿಕಿತ್ಸೆಗೆ ಬೇಕಾದ ಸಿದ್ಧತೆ ಮಾಡಿಕೊಳ್ಳಬೇಕು ಎಂದರು. ಸಭೆಯಲ್ಲಿ ಜಿಲ್ಲಾ ಆರೋಗ್ಯಾಧಿಕಾರಿ ಡಾ.ನಟರಾಜ್ ಹಾಗೂ ತಾಲೂಕು ಆರೋಗ್ಯಾಧಿಕಾರಿಗಳು ಉಪಸ್ಥಿತರಿದ್ದರು.
ಚಿಕಿತ್ಸೆ ಕೊಡಿಸಲು ಸಹಕರಿಸಿ: ಜಿಲ್ಲೆಯ ಎಲ್ಲಾ ಪ್ರಾಥಮಿಕ ಆರೋಗ್ಯ ಕೇಂದ್ರಗಳಲ್ಲಿ ಹಾವು ಮತ್ತು ನಾಯಿ ಕಡಿತಕ್ಕೆ ಅಗತ್ಯ ಔಷಧ ದಾಸ್ತಾನು ಇಟ್ಟುಕೊಳ್ಳುವಂತೆ ಜಿಲ್ಲಾಧಿಕಾರಿ ಗುರುದತ್ತ ಹೆಗಡೆ ಆರೋಗ್ಯಾಧಿಕಾರಿಗಳಿಗೆ ಸೂಚನೆ ನೀಡಿದರು. ಜಿಲ್ಲಾ ಆರೋಗ್ಯ ಇಲಾಖೆಯ ವಿವಿಧ ಕಾರ್ಯಕ್ರಮಗಳ ಪ್ರಗತಿ ಪರಿಶೀಲನಾ ಸಭೆಯಲ್ಲಿ ಮಾತನಾಡಿದ ಅವರು, ಮಳೆಗಾಲದಲ್ಲಿ ಹಾವು ಕಡಿತ ಪ್ರಕರಣಗಳು ಹೆಚ್ಚಾಗುತ್ತವೆ. ಜನರು ತಕ್ಷಣ ಆಸ್ಪತ್ರೆಗೆ ಬರುವಂತೆ ಅರಿವು ಮೂಡಿಸಬೇಕು. ನಾಟಿ ವೈದ್ಯರ ಬಳಿ ಹೋಗದಂತೆ ತಿಳಿಸಬೇಕು. ಗ್ರಾಮೀಣ ಭಾಗದಲ್ಲಿ ಆಶಾ ಕಾರ್ಯಕರ್ತೆಯರ ಮೂಲಕ ಜಾಗೃತಿ ಮೂಡಿಸಬೇಕು. ಎಲ್ಲಾ ಆಸ್ಪತ್ರೆಗಳಲ್ಲಿ ಚಿಕಿತ್ಸೆಗೆ ಬೇಕಾದ ಸಿದ್ಧತೆ ಮಾಡಿಕೊಳ್ಳಬೇಕು ಎಂದರು. ಸಭೆಯಲ್ಲಿ ಜಿಲ್ಲಾ ಆರೋಗ್ಯಾಧಿಕಾರಿ ಡಾ.ನಟರಾಜ್ ಹಾಗೂ ತಾಲೂಕು ಆರೋಗ್ಯಾಧಿಕಾರಿಗಳು ಉಪಸ್ಥಿತರಿದ್ದರು.
ನಾಟಿ ವೈದ್ಯ ವಾಸಪ್ಪ ಮೇಲೆ ಮೊಕದ್ದಮೆಗೆ ಸೂಚನೆ
ಶಿಕಾರಿಪುರ ತಾಲೂಕು ಹೊಸಕೊಪ್ಪ ಗ್ರಾಮದಲ್ಲಿ ನಾಟಿ ವೈದ್ಯ ವಾಸಪ್ಪ ಎಂಬುವವರು ಹಾವು ಕಡಿತಕ್ಕೆ ಚಿಕಿತ್ಸೆ ನೀಡುತ್ತಿದ್ದು ಇದರಿಂದ ಸಾವು ಸಂಭವಿಸಿರುವ ಬಗ್ಗೆ ಮಾಹಿತಿ ಬಂದಿದೆ. ಅವರ ವಿರುದ್ಧ ಕ್ರಮ ಕೈಗೊಂಡು ಮೊಕದ್ದಮೆ ದಾಖಲಿಸುವಂತೆ ಜಿಲ್ಲಾಧಿಕಾರಿ ಸೂಚಿಸಿದರು.
ಸಾಗರದಲ್ಲಿ ನಾಯಿ ಹಾವಳಿ
ಸಾಗರ ನಗರದಲ್ಲಿ ಬೀದಿ ನಾಯಿಗಳ ಹಾವಳಿ ಹೆಚ್ಚಾಗಿದ್ದು ನಾಯಿ ಕಡಿತ ಪ್ರಕರಣಗಳು ವರದಿಯಾಗಿವೆ. ನಗರಸಭೆ ಮತ್ತು ಪಶುಸಂಗೋಪನಾ ಇಲಾಖೆ ಜಂಟಿಯಾಗಿ ಸಂತಾನಹರಣ ಶಸ್ತ್ರಚಿಕಿತ್ಸೆ ಕೈಗೊಳ್ಳಬೇಕು. ಆಸ್ಪತ್ರೆಗಳಲ್ಲಿ ರೇಬೀಸ್ ಲಸಿಕೆ ದಾಸ್ತಾನು ಇಟ್ಟುಕೊಳ್ಳಬೇಕು ಎಂದು ಸೂಚಿಸಿದರು.
ಸರ್ಕಾರಿ ಸುರಕ್ಷತಾ ಕ್ರಮ ಅನುಸರಿಸಿ
ರಾತ್ರಿ ವೇಳೆ ಹೊಲ ಗದ್ದೆಗಳಿಗೆ ತೆರಳುವ ರೈತರು ಟಾರ್ಚ್ ಬಳಸಬೇಕು. ಬೂಟು ಧರಿಸಬೇಕು. ಹಾವು ಕಡಿತಕ್ಕೊಳಗಾದವರನ್ನು ತಕ್ಷಣ ಸಮೀಪದ ಆಸ್ಪತ್ರೆಗೆ ಕರೆದೊಯ್ಯಬೇಕು. ಗ್ರಾಮ ಪಂಚಾಯಿತಿ ಮಟ್ಟದಲ್ಲಿ ಜಾಗೃತಿ ಕಾರ್ಯಕ್ರಮ ಹಮ್ಮಿಕೊಳ್ಳಬೇಕು ಎಂದರು.
